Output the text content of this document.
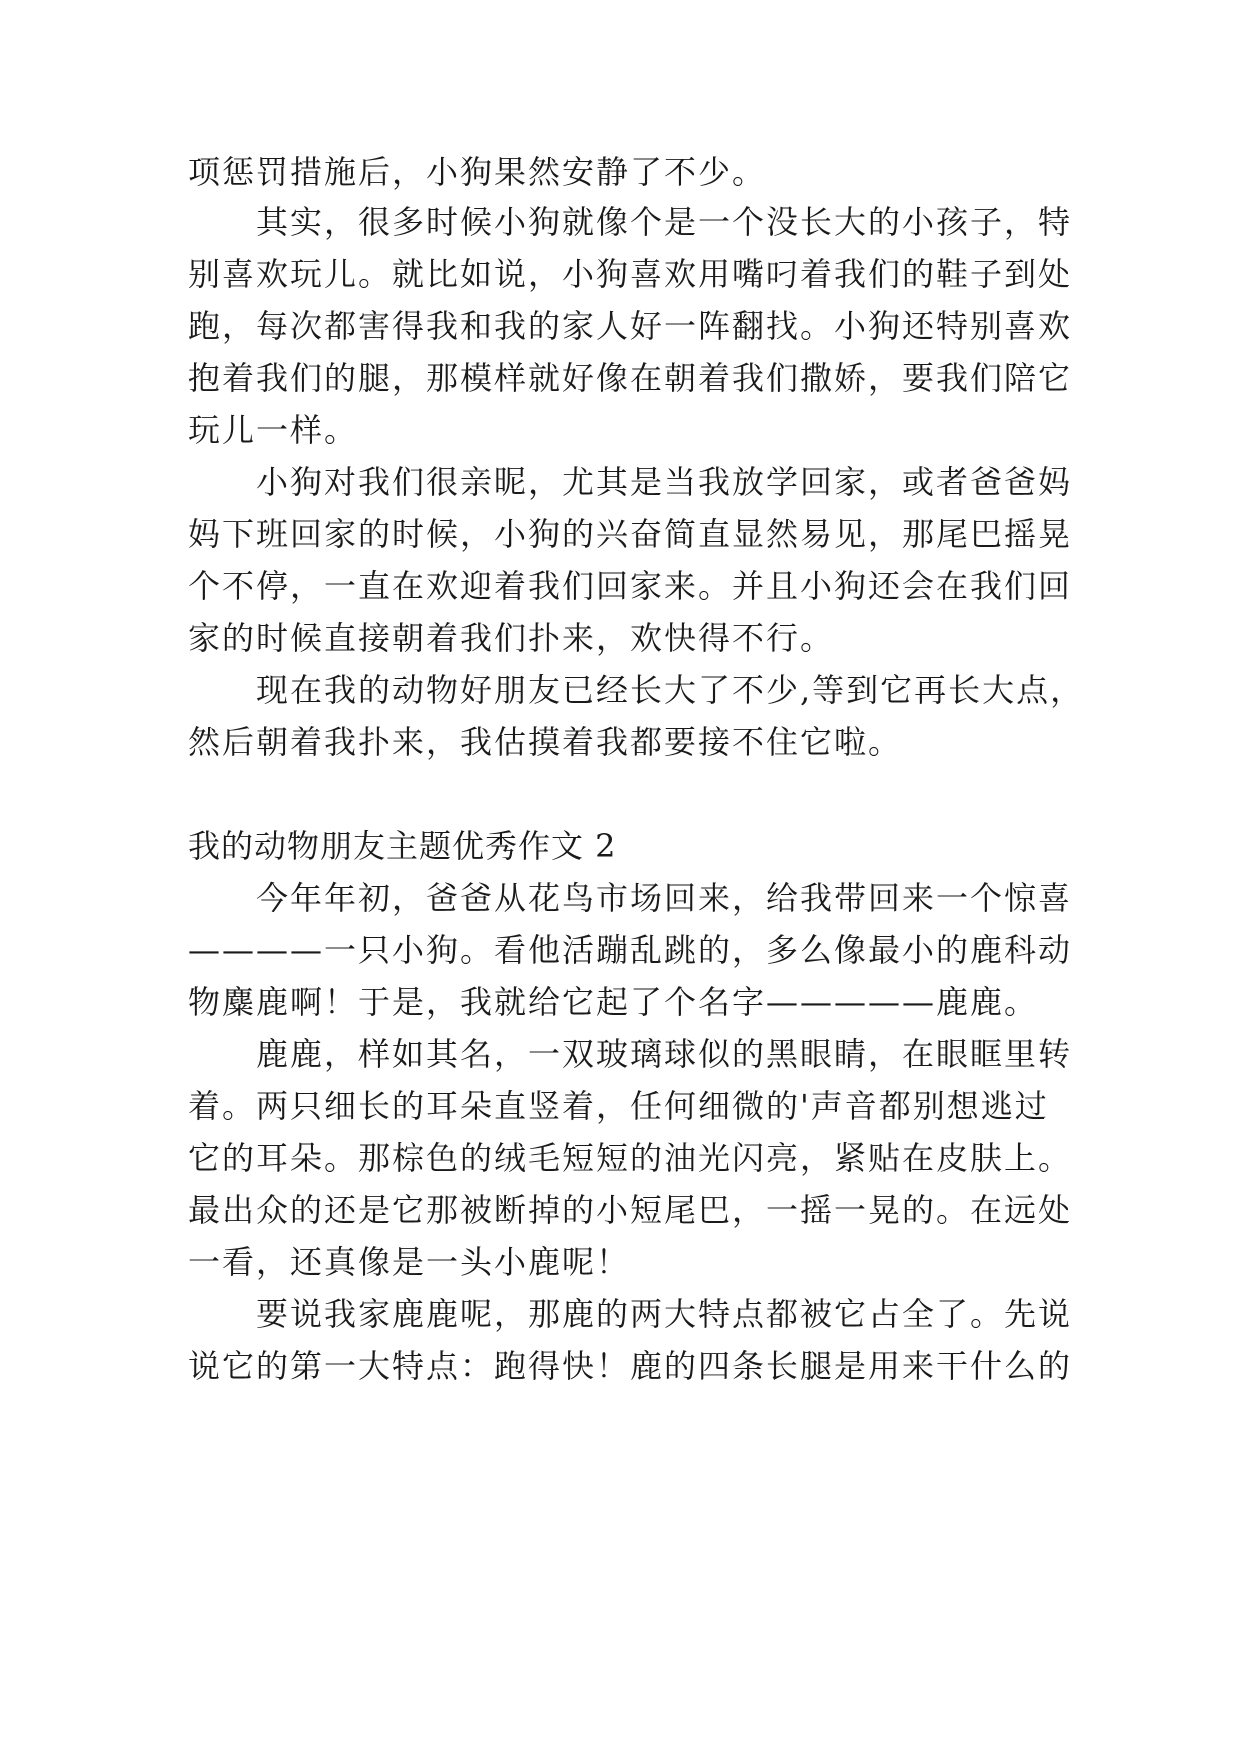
项惩罚措施后，小狗果然安静了不少。

其实，很多时候小狗就像个是一个没长大的小孩子，特

别喜欢玩儿。就比如说，小狗喜欢用嘴叼着我们的鞋子到处

跑，每次都害得我和我的家人好一阵翻找。小狗还特别喜欢

抱着我们的腿，那模样就好像在朝着我们撒娇，要我们陪它

玩儿一样。

小狗对我们很亲昵，尤其是当我放学回家，或者爸爸妈

妈下班回家的时候，小狗的兴奋简直显然易见，那尾巴摇晃

个不停，一直在欢迎着我们回家来。并且小狗还会在我们回

家的时候直接朝着我们扑来，欢快得不行。

现在我的动物好朋友已经长大了不少,等到它再长大点，

然后朝着我扑来，我估摸着我都要接不住它啦。

我的动物朋友主题优秀作文 2

今年年初，爸爸从花鸟市场回来，给我带回来一个惊喜

————一只小狗。看他活蹦乱跳的，多么像最小的鹿科动

物麋鹿啊！于是，我就给它起了个名字—————鹿鹿。

鹿鹿，样如其名，一双玻璃球似的黑眼睛，在眼眶里转

着。两只细长的耳朵直竖着，任何细微的'声音都别想逃过

它的耳朵。那棕色的绒毛短短的油光闪亮，紧贴在皮肤上。

最出众的还是它那被断掉的小短尾巴，一摇一晃的。在远处

一看，还真像是一头小鹿呢！

要说我家鹿鹿呢，那鹿的两大特点都被它占全了。先说

说它的第一大特点：跑得快！鹿的四条长腿是用来干什么的
